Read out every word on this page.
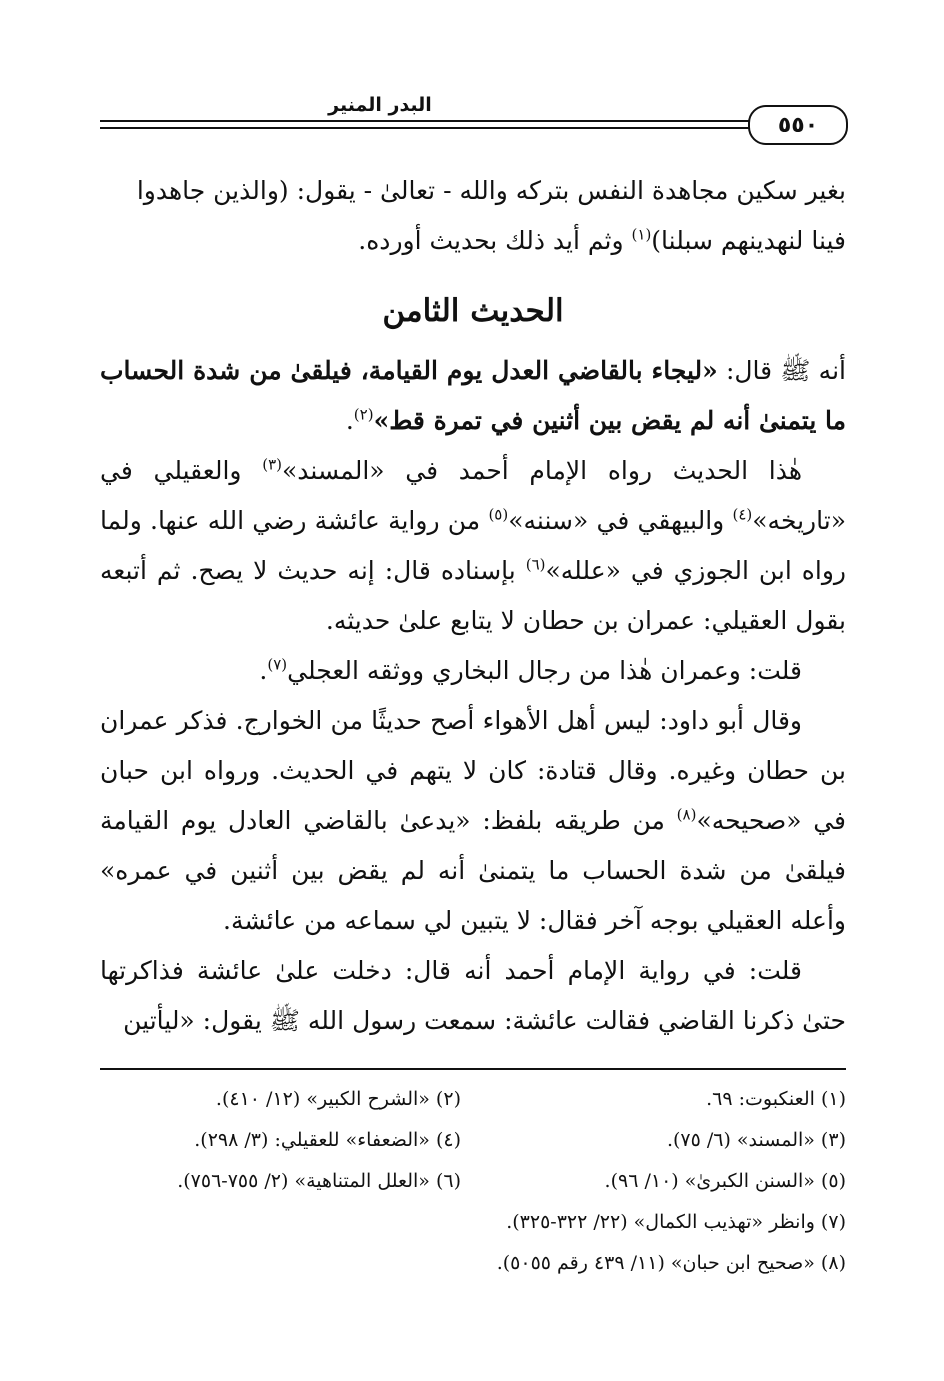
البدر المنير
٥٥٠

بغير سكين مجاهدة النفس بتركه والله - تعالىٰ - يقول: (والذين جاهدوا
فينا لنهدينهم سبلنا)$^{(١)}$ وثم أيد ذلك بحديث أورده.

الحديث الثامن

أنه ﷺ قال: «ليجاء بالقاضي العدل يوم القيامة، فيلقىٰ من شدة الحساب ما يتمنىٰ أنه لم يقض بين أثنين في تمرة قط»$^{(٢)}$.

هٰذا الحديث رواه الإمام أحمد في «المسند»$^{(٣)}$ والعقيلي في «تاريخه»$^{(٤)}$ والبيهقي في «سننه»$^{(٥)}$ من رواية عائشة رضي الله عنها. ولما رواه ابن الجوزي في «علله»$^{(٦)}$ بإسناده قال: إنه حديث لا يصح. ثم أتبعه بقول العقيلي: عمران بن حطان لا يتابع علىٰ حديثه.

قلت: وعمران هٰذا من رجال البخاري ووثقه العجلي$^{(٧)}$.

وقال أبو داود: ليس أهل الأهواء أصح حديثًا من الخوارج. فذكر عمران بن حطان وغيره. وقال قتادة: كان لا يتهم في الحديث. ورواه ابن حبان في «صحيحه»$^{(٨)}$ من طريقه بلفظ: «يدعىٰ بالقاضي العادل يوم القيامة فيلقىٰ من شدة الحساب ما يتمنىٰ أنه لم يقض بين أثنين في عمره» وأعله العقيلي بوجه آخر فقال: لا يتبين لي سماعه من عائشة.

قلت: في رواية الإمام أحمد أنه قال: دخلت علىٰ عائشة فذاكرتها حتىٰ ذكرنا القاضي فقالت عائشة: سمعت رسول الله ﷺ يقول: «ليأتين

(١) العنكبوت: ٦٩.
(٢) «الشرح الكبير» (١٢/ ٤١٠).
(٣) «المسند» (٦/ ٧٥).
(٤) «الضعفاء» للعقيلي: (٣/ ٢٩٨).
(٥) «السنن الكبرىٰ» (١٠/ ٩٦).
(٦) «العلل المتناهية» (٢/ ٧٥٥-٧٥٦).
(٧) وانظر «تهذيب الكمال» (٢٢/ ٣٢٢-٣٢٥).
(٨) «صحيح ابن حبان» (١١/ ٤٣٩ رقم ٥٠٥٥).
